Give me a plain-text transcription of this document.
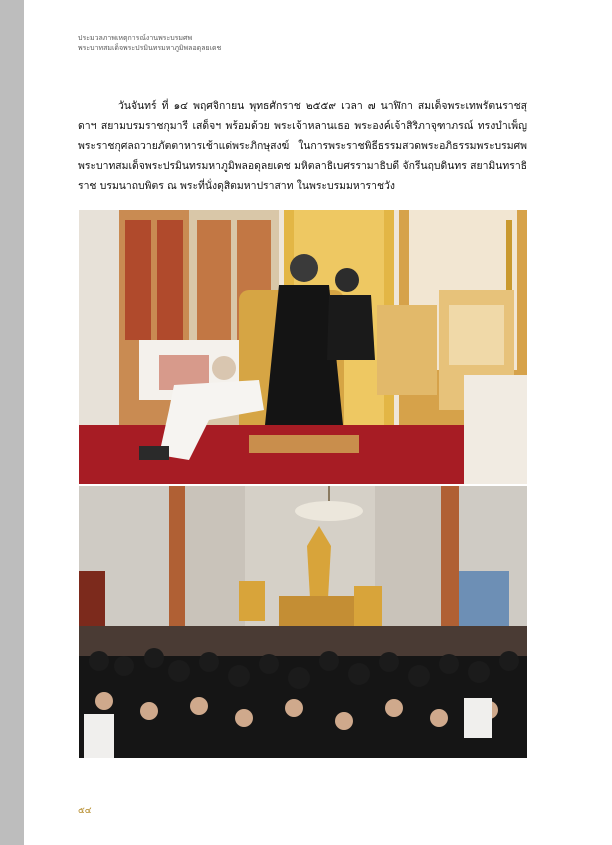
ประมวลภาพเหตุการณ์งานพระบรมศพ
พระบาทสมเด็จพระปรมินทรมหาภูมิพลอดุลยเดช
วันจันทร์ ที่ ๑๔ พฤศจิกายน พุทธศักราช ๒๕๕๙ เวลา ๗ นาฬิกา สมเด็จพระเทพรัตนราชสุดาฯ สยามบรมราชกุมารี เสด็จฯ พร้อมด้วย พระเจ้าหลานเธอ พระองค์เจ้าสิริภาจุฑาภรณ์ ทรงบำเพ็ญพระราชกุศลถวายภัตตาหารเช้าแด่พระภิกษุสงฆ์ ในการพระราชพิธีธรรมสวดพระอภิธรรมพระบรมศพ พระบาทสมเด็จพระปรมินทรมหาภูมิพลอดุลยเดช มหิตลาธิเบศรรามาธิบดี จักรีนฤบดินทร สยามินทราธิราช บรมนาถบพิตร ณ พระที่นั่งดุสิตมหาปราสาท ในพระบรมมหาราชวัง
๕๔
